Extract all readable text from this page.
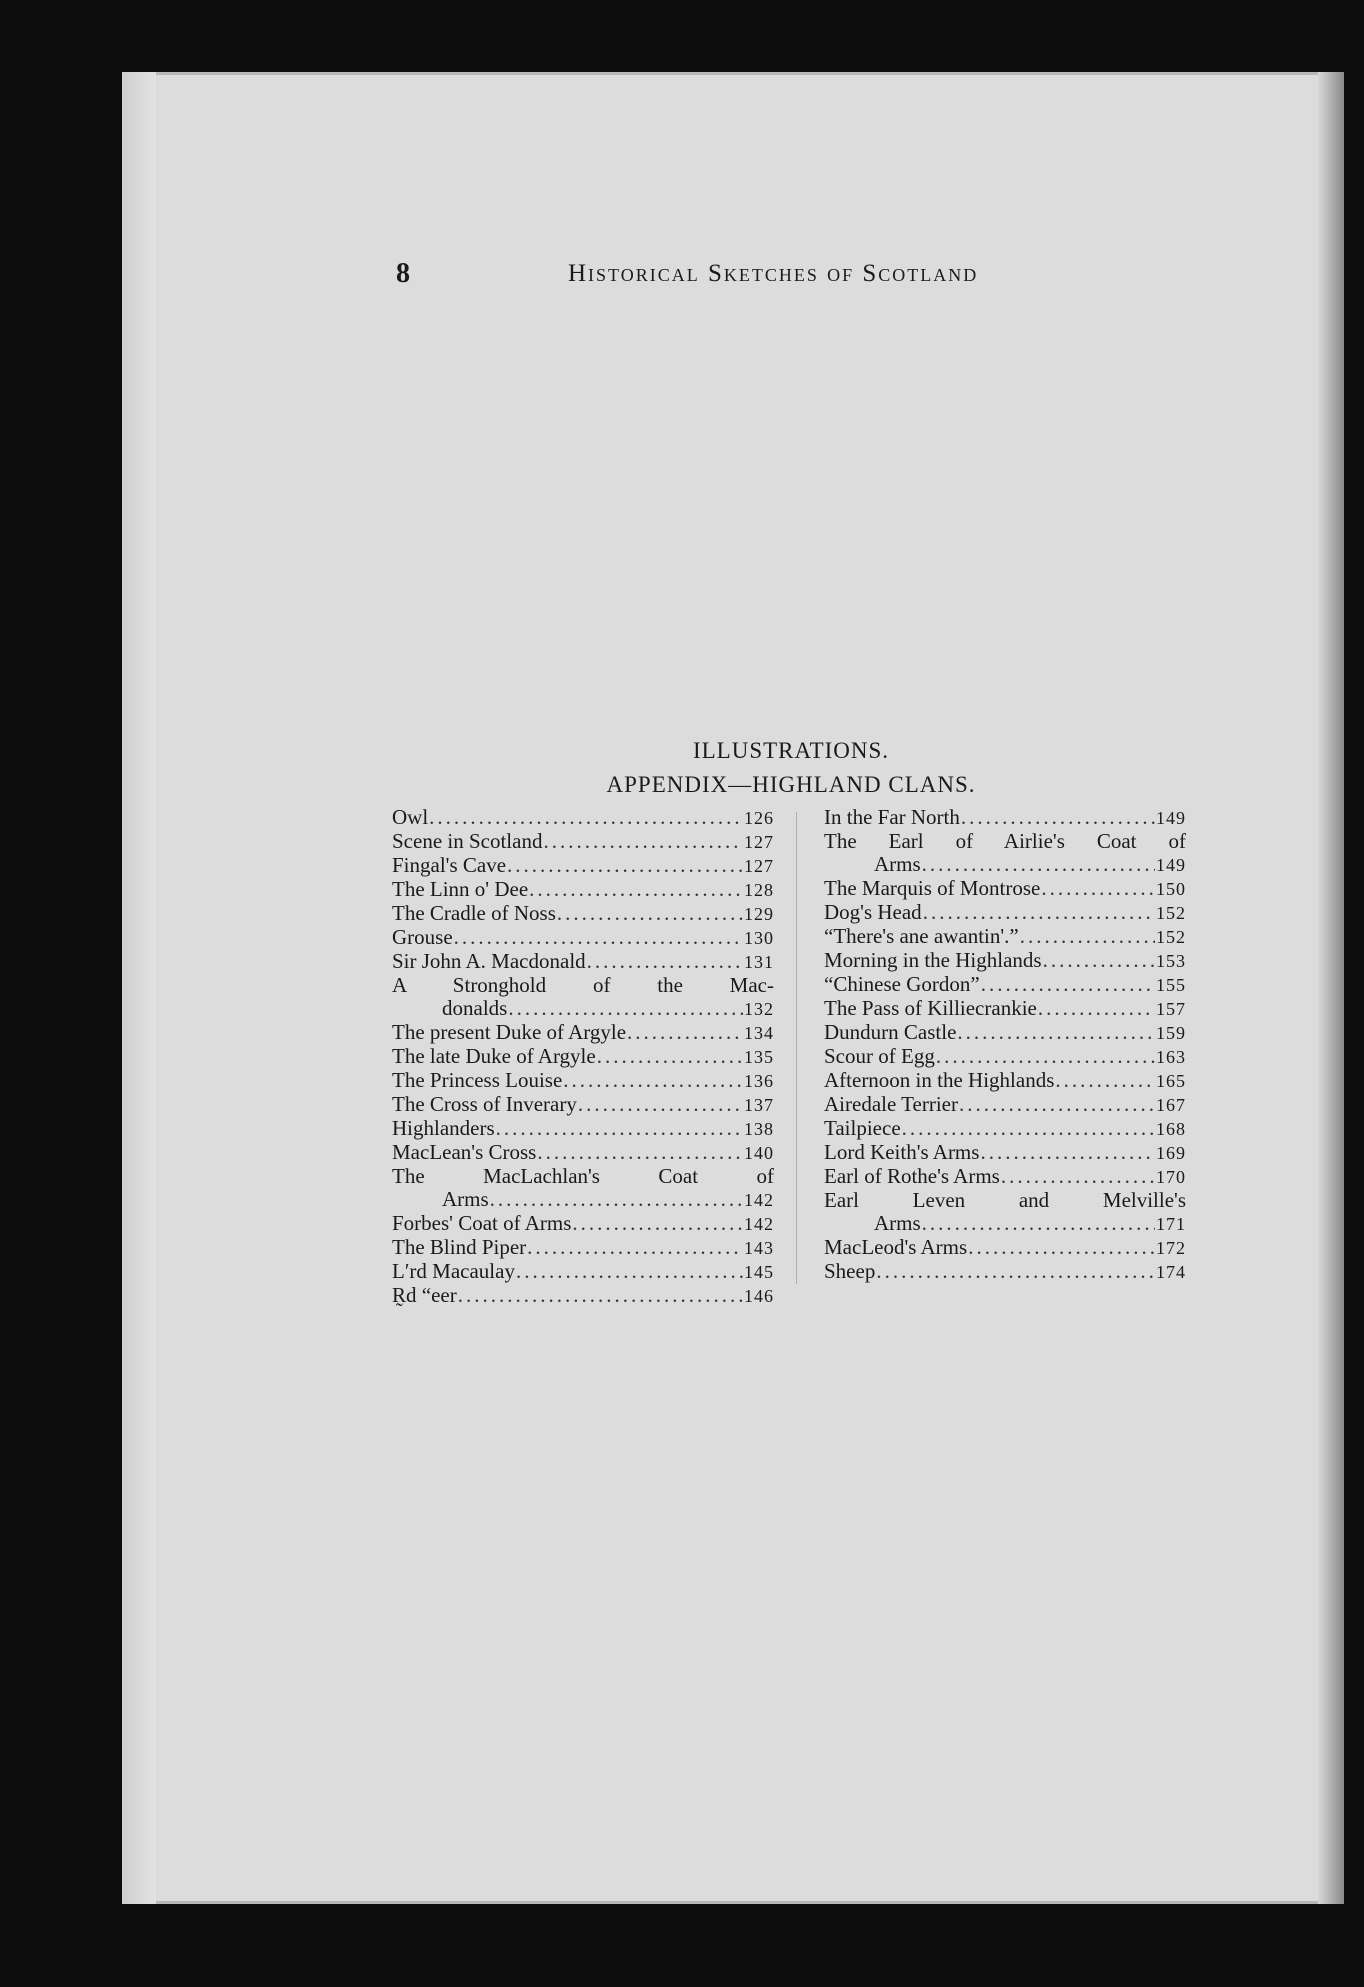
8	Historical Sketches of Scotland
ILLUSTRATIONS.
APPENDIX—HIGHLAND CLANS.
Owl .....	126
Scene in Scotland .....	127
Fingal's Cave .....	127
The Linn o' Dee .....	128
The Cradle of Noss .....	129
Grouse .....	130
Sir John A. Macdonald .....	131
A Stronghold of the Mac-
donalds .....	132
The present Duke of Argyle .....	134
The late Duke of Argyle .....	135
The Princess Louise .....	136
The Cross of Inverary .....	137
Highlanders .....	138
MacLean's Cross .....	140
The MacLachlan's Coat of
Arms .....	142
Forbes' Coat of Arms .....	142
The Blind Piper .....	143
L′rd Macaulay .....	145
R̰d “eer .....	146
In the Far North .....	149
The Earl of Airlie's Coat of
Arms .....	149
The Marquis of Montrose .....	150
Dog's Head .....	152
“There's ane awantin'.” .....	152
Morning in the Highlands .....	153
“Chinese Gordon” .....	155
The Pass of Killiecrankie .....	157
Dundurn Castle .....	159
Scour of Egg .....	163
Afternoon in the Highlands .....	165
Airedale Terrier .....	167
Tailpiece .....	168
Lord Keith's Arms .....	169
Earl of Rothe's Arms .....	170
Earl Leven and Melville's
Arms .....	171
MacLeod's Arms .....	172
Sheep .....	174
